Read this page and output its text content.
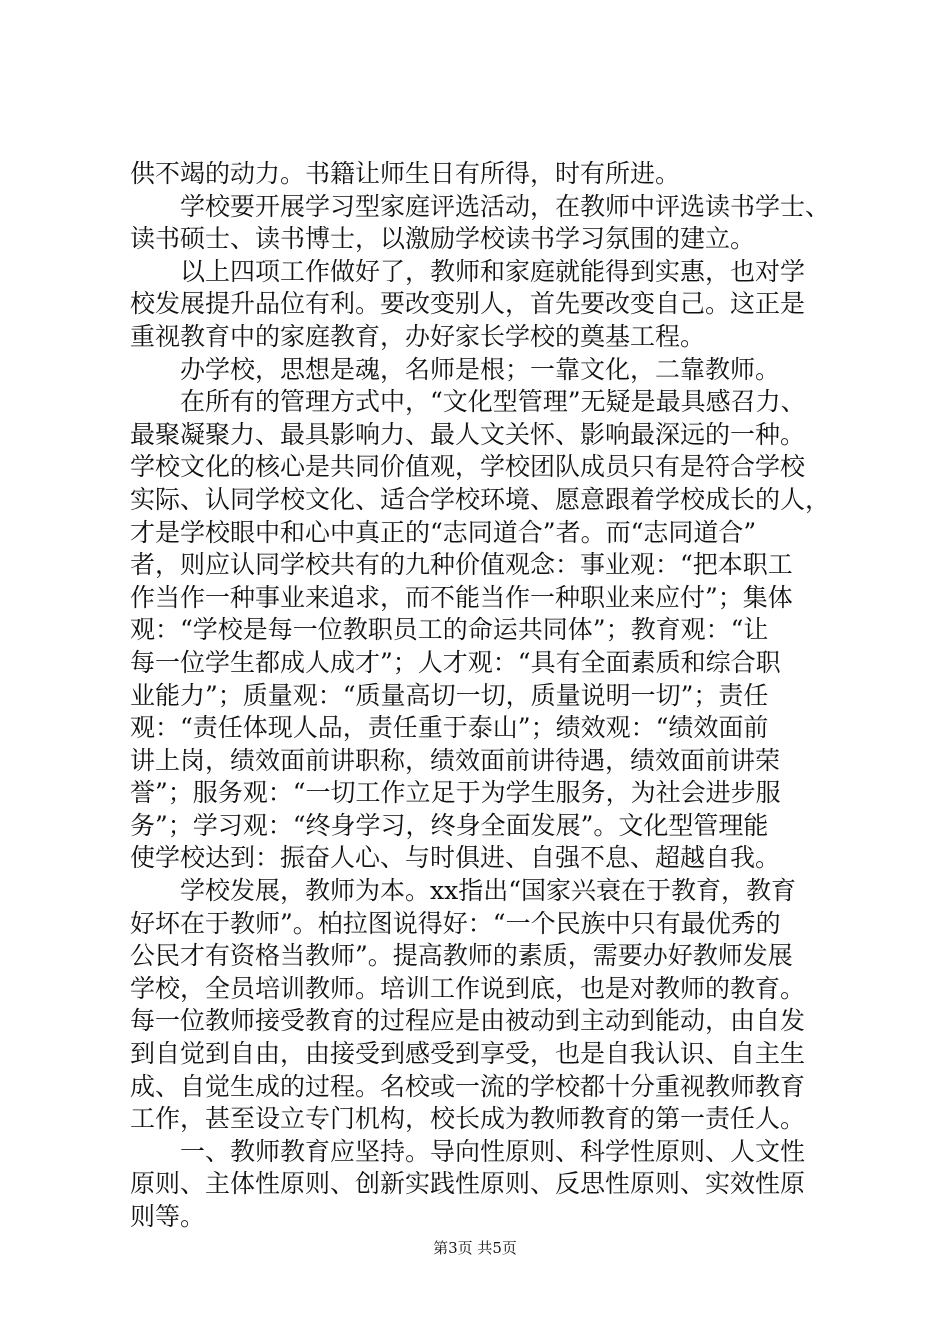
供不竭的动力。书籍让师生日有所得，时有所进。
学校要开展学习型家庭评选活动，在教师中评选读书学士、
读书硕士、读书博士，以激励学校读书学习氛围的建立。
以上四项工作做好了，教师和家庭就能得到实惠，也对学
校发展提升品位有利。要改变别人，首先要改变自己。这正是
重视教育中的家庭教育，办好家长学校的奠基工程。
办学校，思想是魂，名师是根；一靠文化，二靠教师。
在所有的管理方式中，“文化型管理”无疑是最具感召力、
最聚凝聚力、最具影响力、最人文关怀、影响最深远的一种。
学校文化的核心是共同价值观，学校团队成员只有是符合学校
实际、认同学校文化、适合学校环境、愿意跟着学校成长的人，
才是学校眼中和心中真正的“志同道合”者。而“志同道合”
者，则应认同学校共有的九种价值观念：事业观：“把本职工
作当作一种事业来追求，而不能当作一种职业来应付”；集体
观：“学校是每一位教职员工的命运共同体”；教育观：“让
每一位学生都成人成才”；人才观：“具有全面素质和综合职
业能力”；质量观：“质量高切一切，质量说明一切”；责任
观：“责任体现人品，责任重于泰山”；绩效观：“绩效面前
讲上岗，绩效面前讲职称，绩效面前讲待遇，绩效面前讲荣
誉”；服务观：“一切工作立足于为学生服务，为社会进步服
务”；学习观：“终身学习，终身全面发展”。文化型管理能
使学校达到：振奋人心、与时俱进、自强不息、超越自我。
学校发展，教师为本。xx指出“国家兴衰在于教育，教育
好坏在于教师”。柏拉图说得好：“一个民族中只有最优秀的
公民才有资格当教师”。提高教师的素质，需要办好教师发展
学校，全员培训教师。培训工作说到底，也是对教师的教育。
每一位教师接受教育的过程应是由被动到主动到能动，由自发
到自觉到自由，由接受到感受到享受，也是自我认识、自主生
成、自觉生成的过程。名校或一流的学校都十分重视教师教育
工作，甚至设立专门机构，校长成为教师教育的第一责任人。
一、教师教育应坚持。导向性原则、科学性原则、人文性
原则、主体性原则、创新实践性原则、反思性原则、实效性原
则等。
第3页 共5页
